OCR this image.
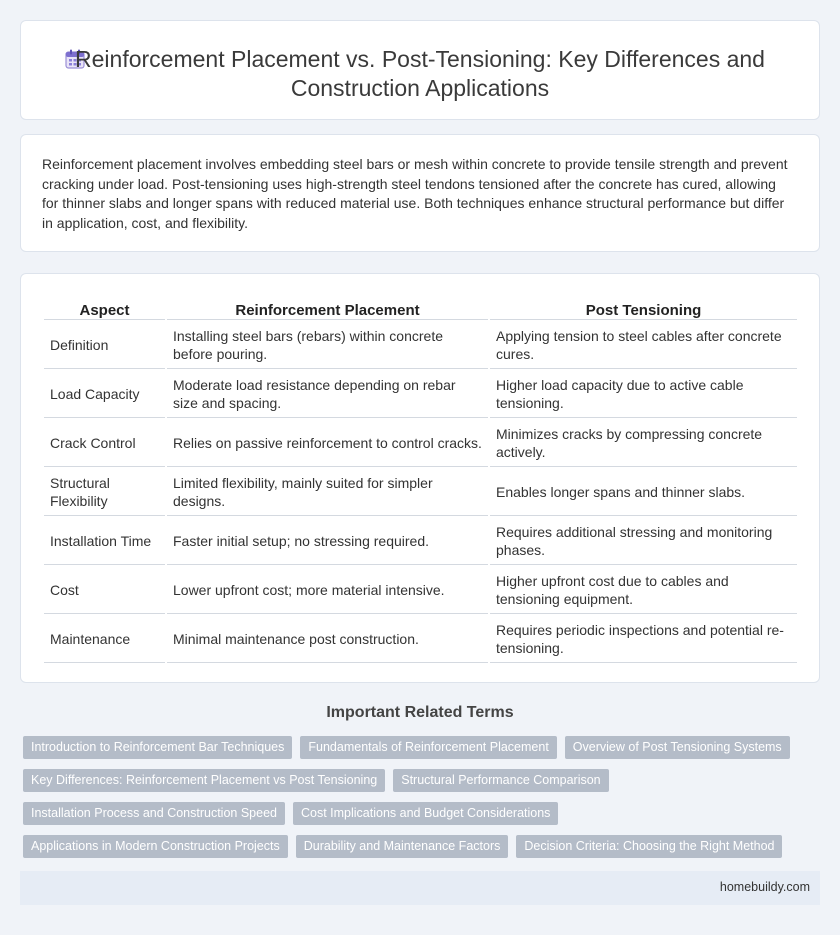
Reinforcement Placement vs. Post-Tensioning: Key Differences and Construction Applications

Reinforcement placement involves embedding steel bars or mesh within concrete to provide tensile strength and prevent cracking under load. Post-tensioning uses high-strength steel tendons tensioned after the concrete has cured, allowing for thinner slabs and longer spans with reduced material use. Both techniques enhance structural performance but differ in application, cost, and flexibility.

Aspect	Reinforcement Placement	Post Tensioning
Definition	Installing steel bars (rebars) within concrete before pouring.	Applying tension to steel cables after concrete cures.
Load Capacity	Moderate load resistance depending on rebar size and spacing.	Higher load capacity due to active cable tensioning.
Crack Control	Relies on passive reinforcement to control cracks.	Minimizes cracks by compressing concrete actively.
Structural Flexibility	Limited flexibility, mainly suited for simpler designs.	Enables longer spans and thinner slabs.
Installation Time	Faster initial setup; no stressing required.	Requires additional stressing and monitoring phases.
Cost	Lower upfront cost; more material intensive.	Higher upfront cost due to cables and tensioning equipment.
Maintenance	Minimal maintenance post construction.	Requires periodic inspections and potential re-tensioning.
Important Related Terms
Introduction to Reinforcement Bar Techniques	Fundamentals of Reinforcement Placement	Overview of Post Tensioning Systems
Key Differences: Reinforcement Placement vs Post Tensioning	Structural Performance Comparison
Installation Process and Construction Speed	Cost Implications and Budget Considerations
Applications in Modern Construction Projects	Durability and Maintenance Factors	Decision Criteria: Choosing the Right Method
homebuildy.com
